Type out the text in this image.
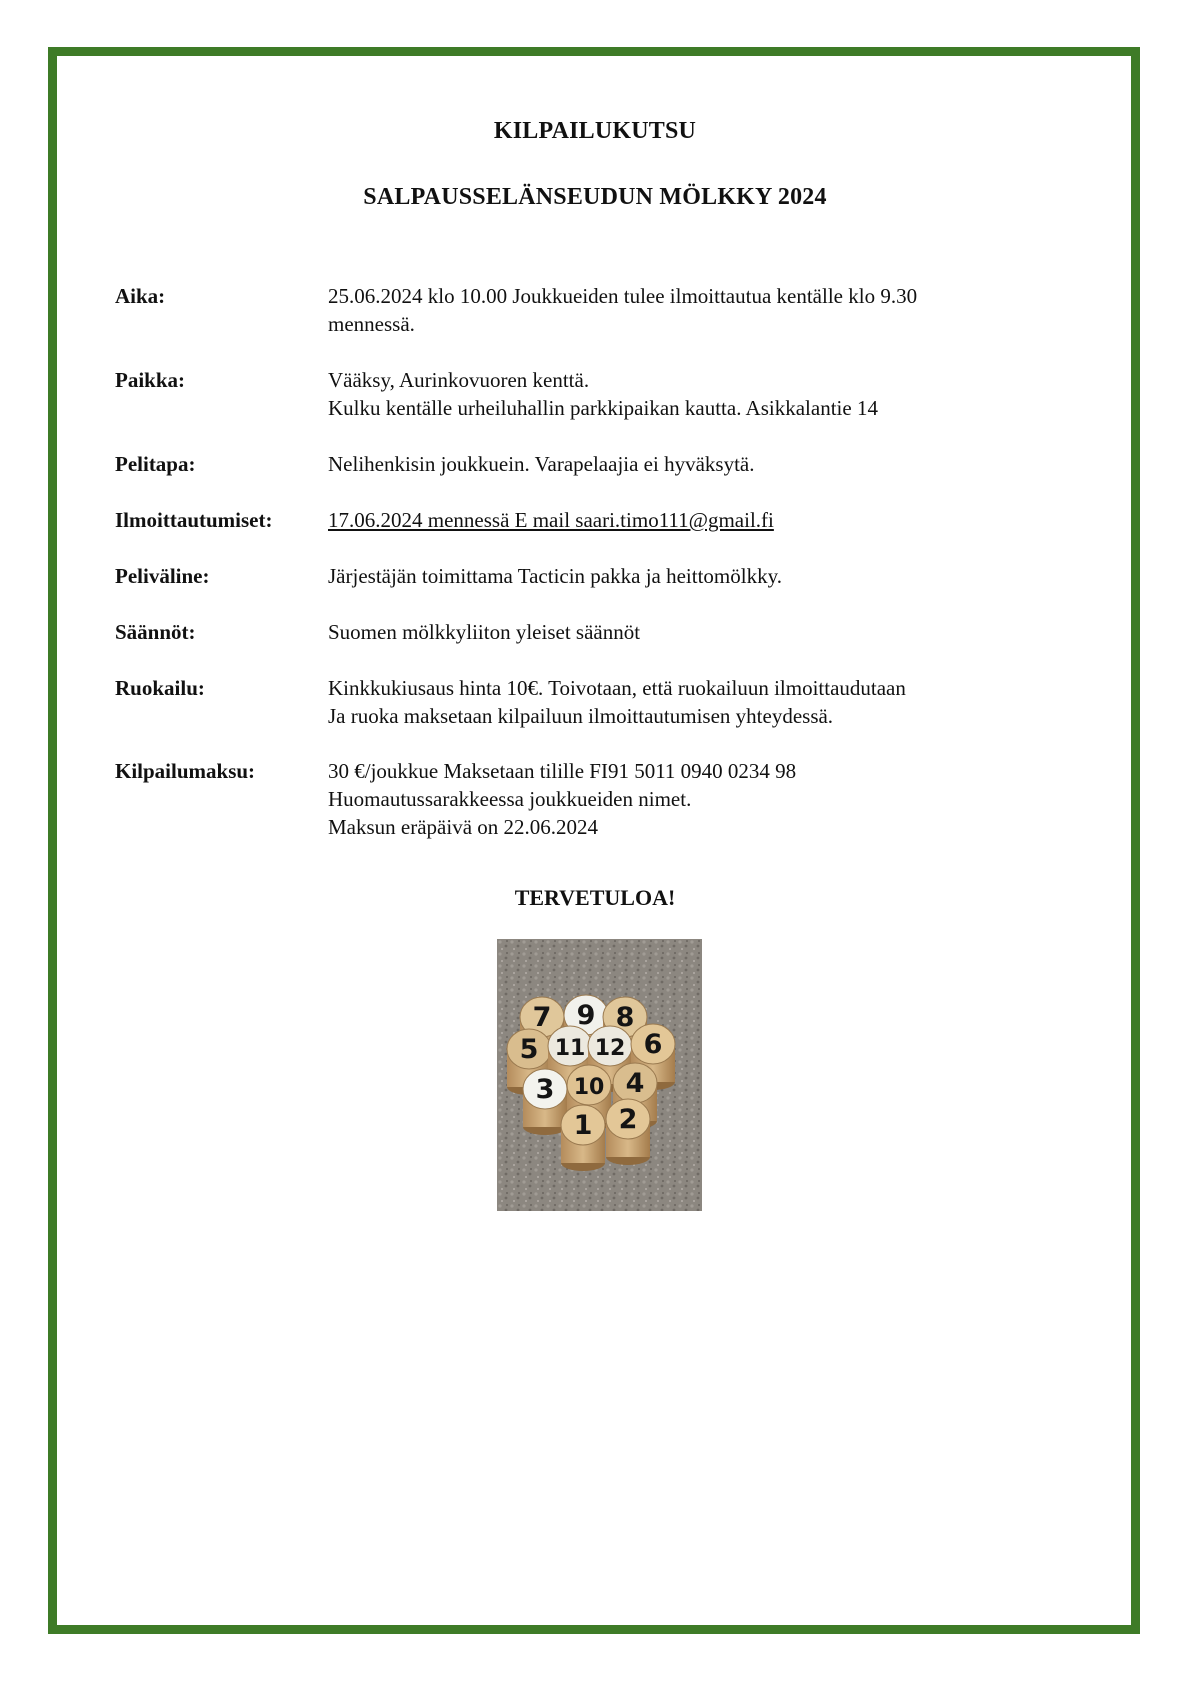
KILPAILUKUTSU
SALPAUSSELÄNSEUDUN MÖLKKY 2024
Aika:	25.06.2024 klo 10.00 Joukkueiden tulee ilmoittautua kentälle klo 9.30
mennessä.
Paikka:	Vääksy, Aurinkovuoren kenttä.
Kulku kentälle urheiluhallin parkkipaikan kautta. Asikkalantie 14
Pelitapa:	Nelihenkisin joukkuein. Varapelaajia ei hyväksytä.
Ilmoittautumiset:	17.06.2024 mennessä E mail saari.timo111@gmail.fi
Peliväline:	Järjestäjän toimittama Tacticin pakka ja heittomölkky.
Säännöt:	Suomen mölkkyliiton yleiset säännöt
Ruokailu:	Kinkkukiusaus hinta 10€. Toivotaan, että ruokailuun ilmoittaudutaan
Ja ruoka maksetaan kilpailuun ilmoittautumisen yhteydessä.
Kilpailumaksu:	30 €/joukkue Maksetaan tilille FI91 5011 0940 0234 98
Huomautussarakkeessa joukkueiden nimet.
Maksun eräpäivä on 22.06.2024
TERVETULOA!
7 9 8
5 11 12 6
3 10 4
1 2
